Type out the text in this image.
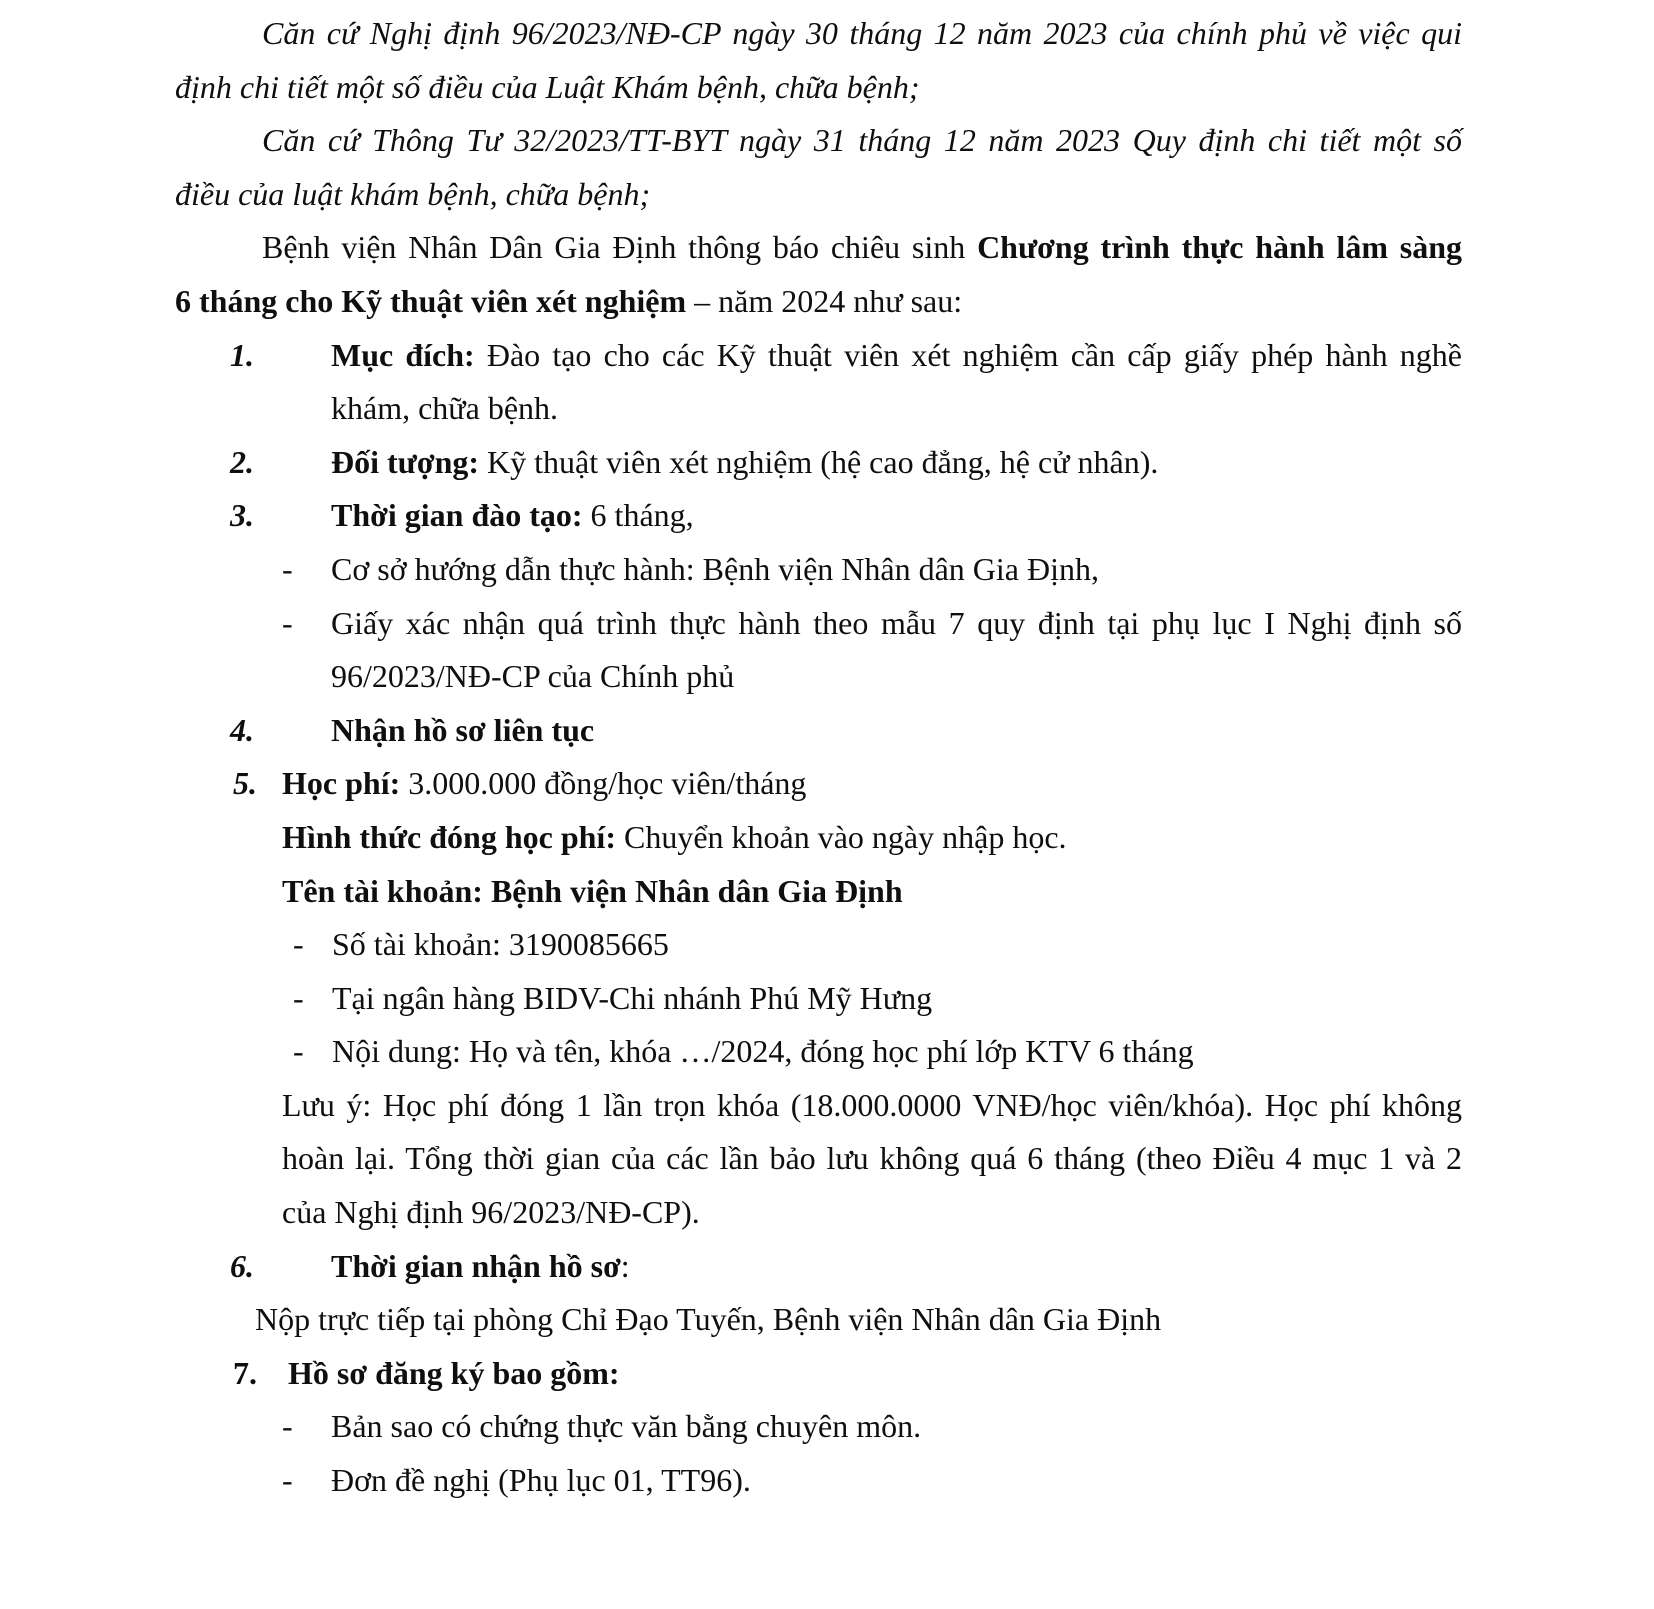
Căn cứ Nghị định 96/2023/NĐ-CP ngày 30 tháng 12 năm 2023 của chính phủ về việc qui
định chi tiết một số điều của Luật Khám bệnh, chữa bệnh;
Căn cứ Thông Tư 32/2023/TT-BYT ngày 31 tháng 12 năm 2023 Quy định chi tiết một số
điều của luật khám bệnh, chữa bệnh;
Bệnh viện Nhân Dân Gia Định thông báo chiêu sinh Chương trình thực hành lâm sàng
6 tháng cho Kỹ thuật viên xét nghiệm – năm 2024 như sau:
1. Mục đích: Đào tạo cho các Kỹ thuật viên xét nghiệm cần cấp giấy phép hành nghề
khám, chữa bệnh.
2. Đối tượng: Kỹ thuật viên xét nghiệm (hệ cao đẳng, hệ cử nhân).
3. Thời gian đào tạo: 6 tháng,
- Cơ sở hướng dẫn thực hành: Bệnh viện Nhân dân Gia Định,
- Giấy xác nhận quá trình thực hành theo mẫu 7 quy định tại phụ lục I Nghị định số
96/2023/NĐ-CP của Chính phủ
4. Nhận hồ sơ liên tục
5. Học phí: 3.000.000 đồng/học viên/tháng
Hình thức đóng học phí: Chuyển khoản vào ngày nhập học.
Tên tài khoản: Bệnh viện Nhân dân Gia Định
- Số tài khoản: 3190085665
- Tại ngân hàng BIDV-Chi nhánh Phú Mỹ Hưng
- Nội dung: Họ và tên, khóa …/2024, đóng học phí lớp KTV 6 tháng
Lưu ý: Học phí đóng 1 lần trọn khóa (18.000.0000 VNĐ/học viên/khóa). Học phí không
hoàn lại. Tổng thời gian của các lần bảo lưu không quá 6 tháng (theo Điều 4 mục 1 và 2
của Nghị định 96/2023/NĐ-CP).
6. Thời gian nhận hồ sơ:
Nộp trực tiếp tại phòng Chỉ Đạo Tuyến, Bệnh viện Nhân dân Gia Định
7. Hồ sơ đăng ký bao gồm:
- Bản sao có chứng thực văn bằng chuyên môn.
- Đơn đề nghị (Phụ lục 01, TT96).
